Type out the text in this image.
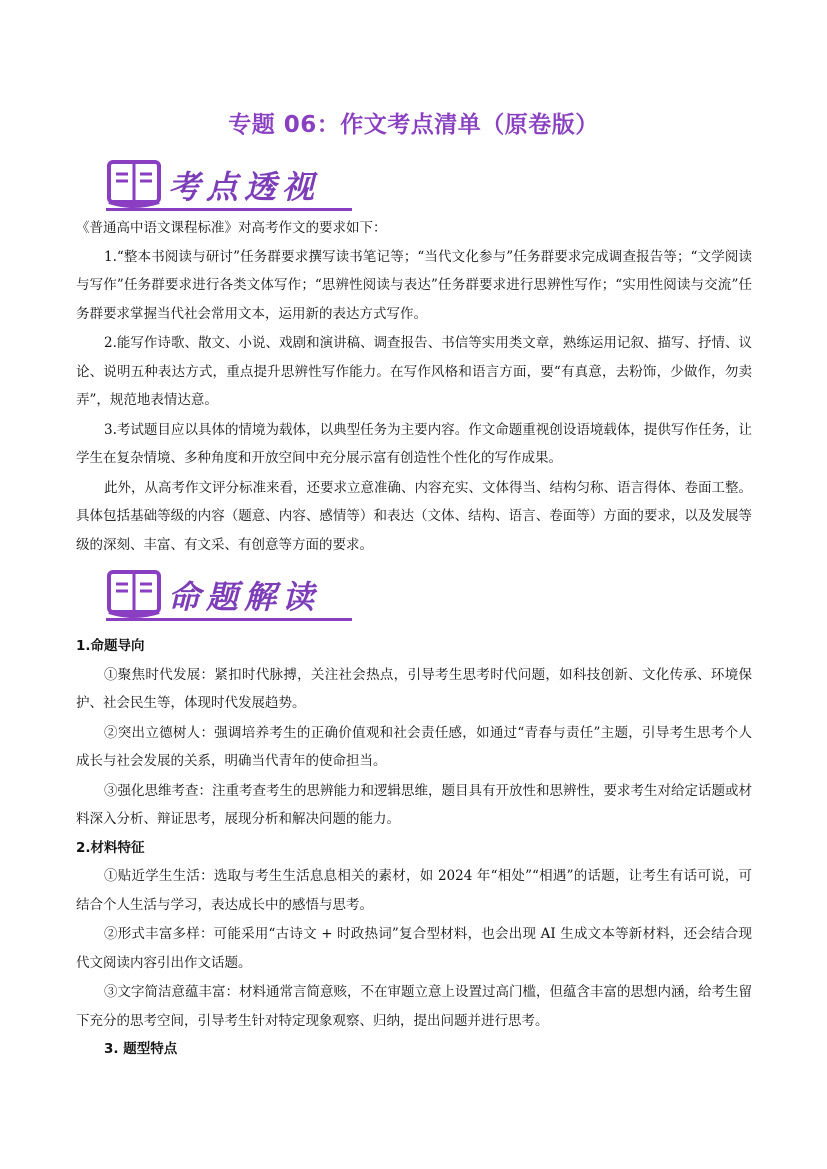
专题 06：作文考点清单（原卷版）
考点透视

《普通高中语文课程标准》对高考作文的要求如下：

1.“整本书阅读与研讨”任务群要求撰写读书笔记等；“当代文化参与”任务群要求完成调查报告等；“文学阅读与写作”任务群要求进行各类文体写作；“思辨性阅读与表达”任务群要求进行思辨性写作；“实用性阅读与交流”任务群要求掌握当代社会常用文本，运用新的表达方式写作。

2.能写作诗歌、散文、小说、戏剧和演讲稿、调查报告、书信等实用类文章，熟练运用记叙、描写、抒情、议论、说明五种表达方式，重点提升思辨性写作能力。在写作风格和语言方面，要“有真意，去粉饰，少做作，勿卖弄”，规范地表情达意。

3.考试题目应以具体的情境为载体，以典型任务为主要内容。作文命题重视创设语境载体，提供写作任务，让学生在复杂情境、多种角度和开放空间中充分展示富有创造性个性化的写作成果。

此外，从高考作文评分标准来看，还要求立意准确、内容充实、文体得当、结构匀称、语言得体、卷面工整。具体包括基础等级的内容（题意、内容、感情等）和表达（文体、结构、语言、卷面等）方面的要求，以及发展等级的深刻、丰富、有文采、有创意等方面的要求。

命题解读

1.命题导向

①聚焦时代发展：紧扣时代脉搏，关注社会热点，引导考生思考时代问题，如科技创新、文化传承、环境保护、社会民生等，体现时代发展趋势。

②突出立德树人：强调培养考生的正确价值观和社会责任感，如通过“青春与责任”主题，引导考生思考个人成长与社会发展的关系，明确当代青年的使命担当。

③强化思维考查：注重考查考生的思辨能力和逻辑思维，题目具有开放性和思辨性，要求考生对给定话题或材料深入分析、辩证思考，展现分析和解决问题的能力。

2.材料特征

①贴近学生生活：选取与考生生活息息相关的素材，如 2024 年“相处”“相遇”的话题，让考生有话可说，可结合个人生活与学习，表达成长中的感悟与思考。

②形式丰富多样：可能采用“古诗文 + 时政热词”复合型材料，也会出现 AI 生成文本等新材料，还会结合现代文阅读内容引出作文话题。

③文字简洁意蕴丰富：材料通常言简意赅，不在审题立意上设置过高门槛，但蕴含丰富的思想内涵，给考生留下充分的思考空间，引导考生针对特定现象观察、归纳，提出问题并进行思考。

3. 题型特点
